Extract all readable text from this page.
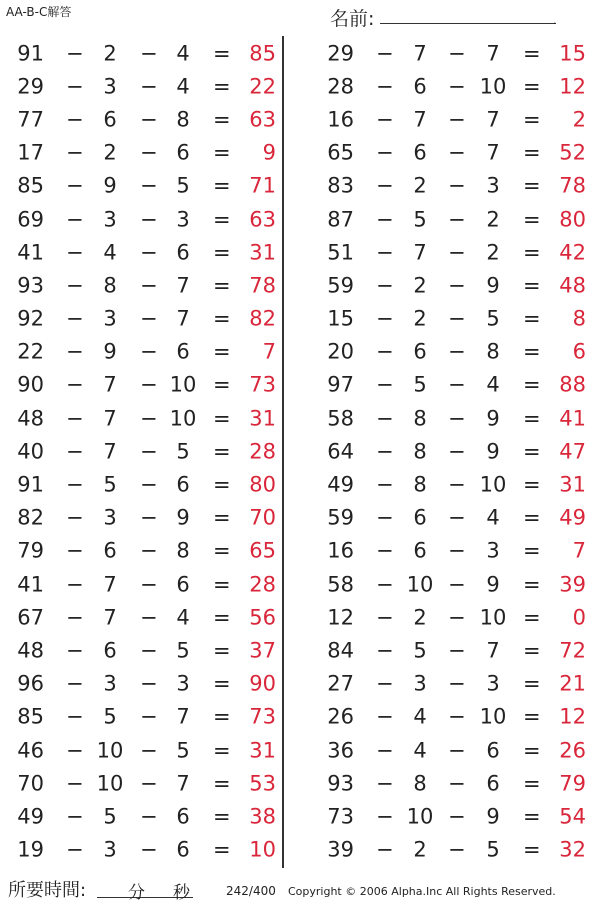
AA-B-C解答	名前:	.
91 − 2	− 4	= 85
29 − 3	− 4	= 22
77 − 6	− 8	= 63
17 − 2	− 6	=	9
85 − 9	− 5	= 71
69 − 3	− 3	= 63
41 − 4	− 6	= 31
93 − 8	− 7	= 78
92 − 3	− 7	= 82
22 − 9	− 6	=	7
90 − 7	− 10 = 73
48 − 7	− 10 = 31
40 − 7	− 5	= 28
91 − 5	− 6	= 80
82 − 3	− 9	= 70
79 − 6	− 8	= 65
41 − 7	− 6	= 28
67 − 7	− 4	= 56
48 − 6	− 5	= 37
96 − 3	− 3	= 90
85 − 5	− 7	= 73
46 − 10 − 5	= 31
70 − 10 − 7	= 53
49 − 5	− 6	= 38
19 − 3	− 6	= 10
29 − 7	− 7	= 15
28 − 6	− 10 = 12
16 − 7	− 7	=	2
65 − 6	− 7	= 52
83 − 2	− 3	= 78
87 − 5	− 2	= 80
51 − 7	− 2	= 42
59 − 2	− 9	= 48
15 − 2	− 5	=	8
20 − 6	− 8	=	6
97 − 5	− 4	= 88
58 − 8	− 9	= 41
64 − 8	− 9	= 47
49 − 8	− 10 = 31
59 − 6	− 4	= 49
16 − 6	− 3	=	7
58 − 10 − 9	= 39
12 − 2	− 10 =	0
84 − 5	− 7	= 72
27 − 3	− 3	= 21
26 − 4	− 10 = 12
36 − 4	− 6	= 26
93 − 8	− 6	= 79
73 − 10 − 9	= 54
39 − 2	− 5	= 32
所要時間: 分 秒	242/400 Copyright © 2006 Alpha.Inc All Rights Reserved.
